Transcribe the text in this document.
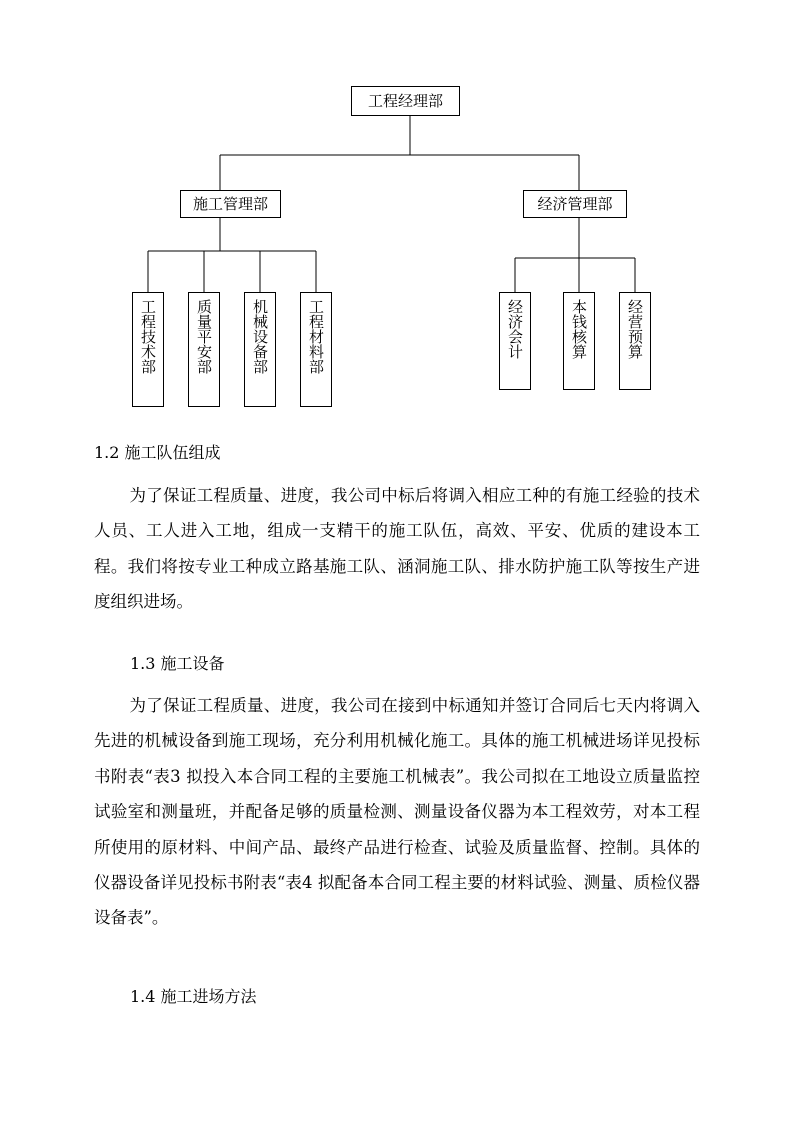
工程经理部
施工管理部	经济管理部
工程技术部	质量平安部	机械设备部	工程材料部	经济会计	本钱核算	经营预算
1.2 施工队伍组成

为了保证工程质量、进度，我公司中标后将调入相应工种的有施工经验的技术人员、工人进入工地，组成一支精干的施工队伍，高效、平安、优质的建设本工程。我们将按专业工种成立路基施工队、涵洞施工队、排水防护施工队等按生产进度组织进场。

1.3 施工设备

为了保证工程质量、进度，我公司在接到中标通知并签订合同后七天内将调入先进的机械设备到施工现场，充分利用机械化施工。具体的施工机械进场详见投标书附表“表3 拟投入本合同工程的主要施工机械表”。我公司拟在工地设立质量监控试验室和测量班，并配备足够的质量检测、测量设备仪器为本工程效劳，对本工程所使用的原材料、中间产品、最终产品进行检查、试验及质量监督、控制。具体的仪器设备详见投标书附表“表4 拟配备本合同工程主要的材料试验、测量、质检仪器设备表”。

1.4 施工进场方法
